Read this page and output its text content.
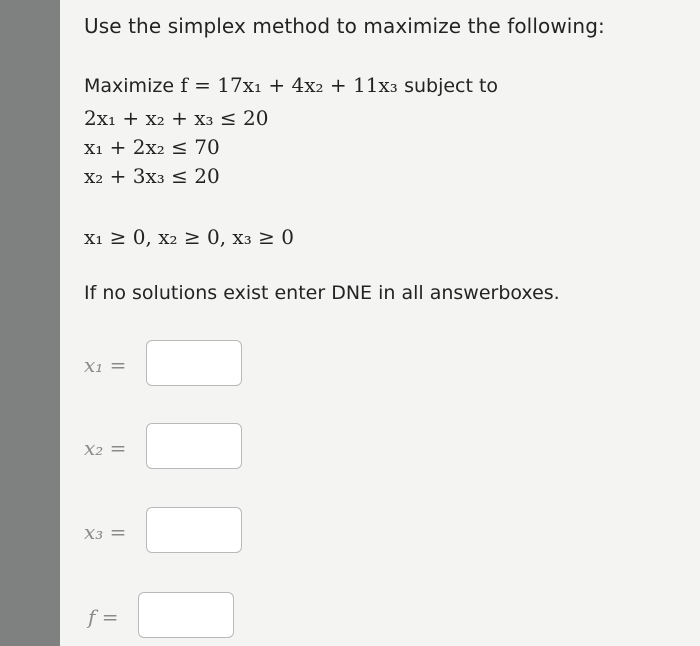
Use the simplex method to maximize the following:
Maximize f = 17x₁ + 4x₂ + 11x₃ subject to
2x₁ + x₂ + x₃ ≤ 20
x₁ + 2x₂ ≤ 70
x₂ + 3x₃ ≤ 20
x₁ ≥ 0, x₂ ≥ 0, x₃ ≥ 0
If no solutions exist enter DNE in all answerboxes.
x₁ =
x₂ =
x₃ =
f =
